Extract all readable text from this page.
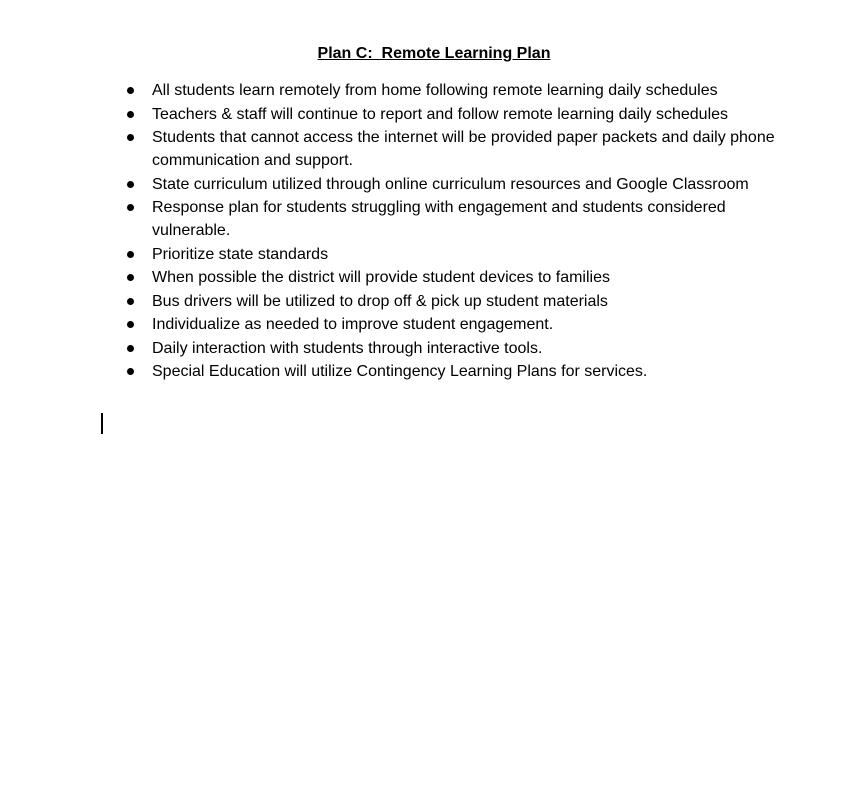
Plan C:  Remote Learning Plan
All students learn remotely from home following remote learning daily schedules
Teachers & staff will continue to report and follow remote learning daily schedules
Students that cannot access the internet will be provided paper packets and daily phone communication and support.
State curriculum utilized through online curriculum resources and Google Classroom
Response plan for students struggling with engagement and students considered vulnerable.
Prioritize state standards
When possible the district will provide student devices to families
Bus drivers will be utilized to drop off & pick up student materials
Individualize as needed to improve student engagement.
Daily interaction with students through interactive tools.
Special Education will utilize Contingency Learning Plans for services.
